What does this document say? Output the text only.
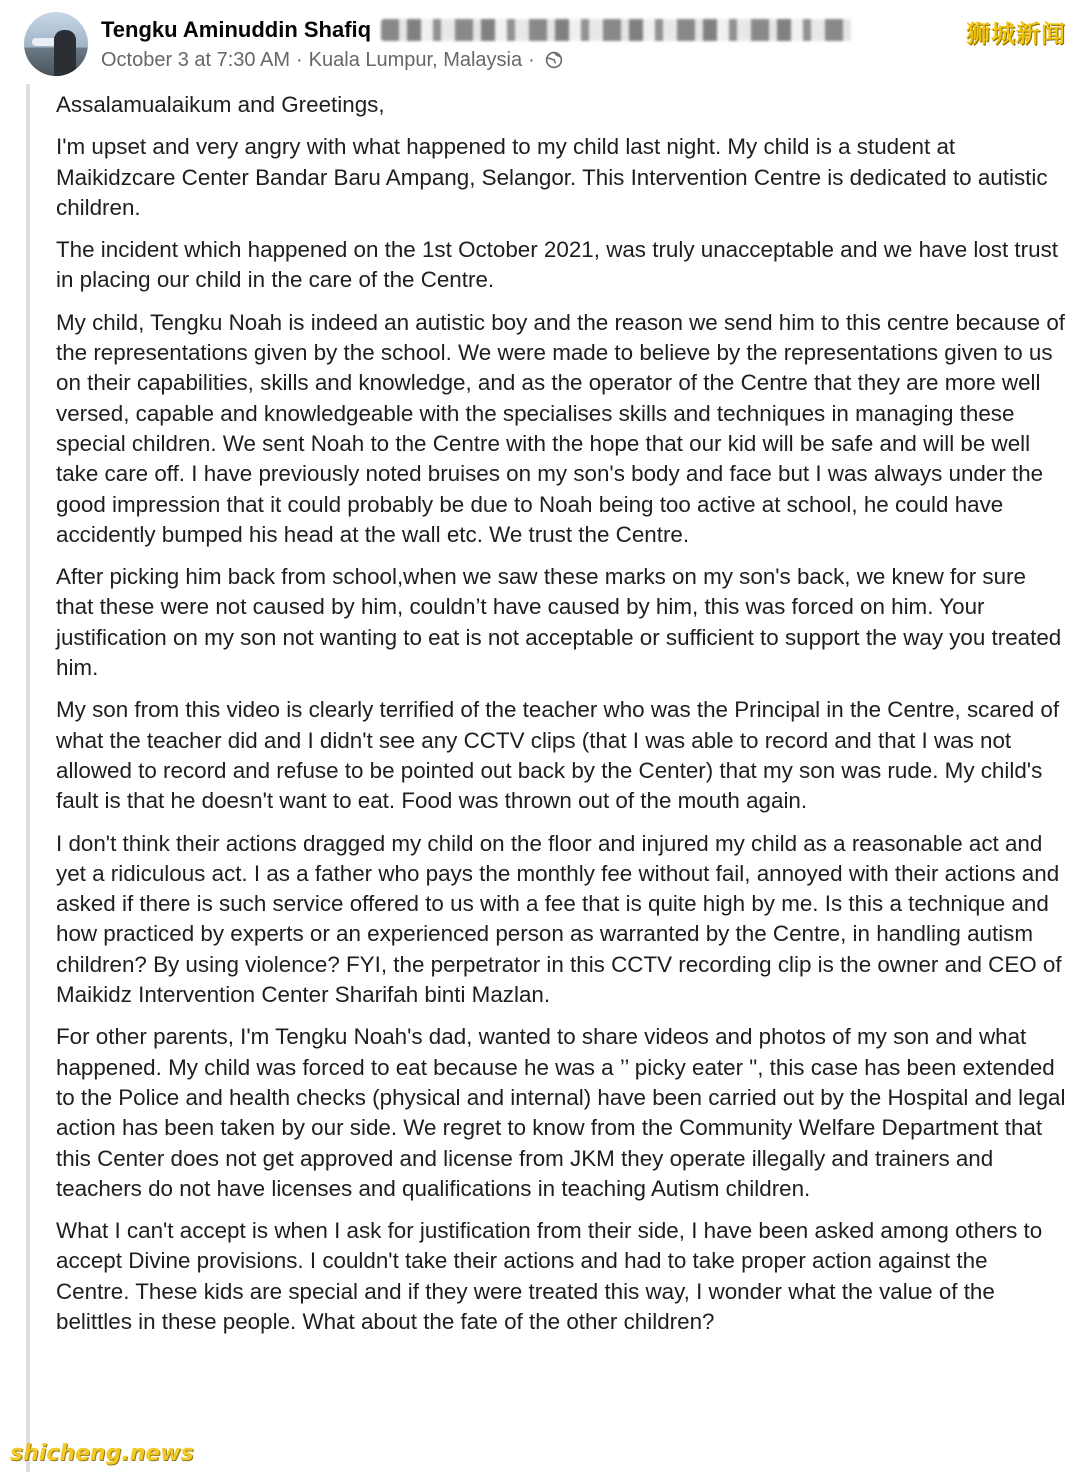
Tengku Aminuddin Shafiq
October 3 at 7:30 AM · Kuala Lumpur, Malaysia ·
狮城新闻

Assalamualaikum and Greetings,

I'm upset and very angry with what happened to my child last night. My child is a student at Maikidzcare Center Bandar Baru Ampang, Selangor. This Intervention Centre is dedicated to autistic children.

The incident which happened on the 1st October 2021, was truly unacceptable and we have lost trust in placing our child in the care of the Centre.

My child, Tengku Noah is indeed an autistic boy and the reason we send him to this centre because of the representations given by the school. We were made to believe by the representations given to us on their capabilities, skills and knowledge, and as the operator of the Centre that they are more well versed, capable and knowledgeable with the specialises skills and techniques in managing these special children. We sent Noah to the Centre with the hope that our kid will be safe and will be well take care off. I have previously noted bruises on my son's body and face but I was always under the good impression that it could probably be due to Noah being too active at school, he could have accidently bumped his head at the wall etc. We trust the Centre.

After picking him back from school,when we saw these marks on my son's back, we knew for sure that these were not caused by him, couldn’t have caused by him, this was forced on him. Your justification on my son not wanting to eat is not acceptable or sufficient to support the way you treated him.

My son from this video is clearly terrified of the teacher who was the Principal in the Centre, scared of what the teacher did and I didn't see any CCTV clips (that I was able to record and that I was not allowed to record and refuse to be pointed out back by the Center) that my son was rude. My child's fault is that he doesn't want to eat. Food was thrown out of the mouth again.

I don't think their actions dragged my child on the floor and injured my child as a reasonable act and yet a ridiculous act. I as a father who pays the monthly fee without fail, annoyed with their actions and asked if there is such service offered to us with a fee that is quite high by me. Is this a technique and how practiced by experts or an experienced person as warranted by the Centre, in handling autism children? By using violence? FYI, the perpetrator in this CCTV recording clip is the owner and CEO of Maikidz Intervention Center Sharifah binti Mazlan.

For other parents, I'm Tengku Noah's dad, wanted to share videos and photos of my son and what happened. My child was forced to eat because he was a ’’ picky eater ", this case has been extended to the Police and health checks (physical and internal) have been carried out by the Hospital and legal action has been taken by our side. We regret to know from the Community Welfare Department that this Center does not get approved and license from JKM they operate illegally and trainers and teachers do not have licenses and qualifications in teaching Autism children.

What I can't accept is when I ask for justification from their side, I have been asked among others to accept Divine provisions. I couldn't take their actions and had to take proper action against the Centre. These kids are special and if they were treated this way, I wonder what the value of the belittles in these people. What about the fate of the other children?

shicheng.news
